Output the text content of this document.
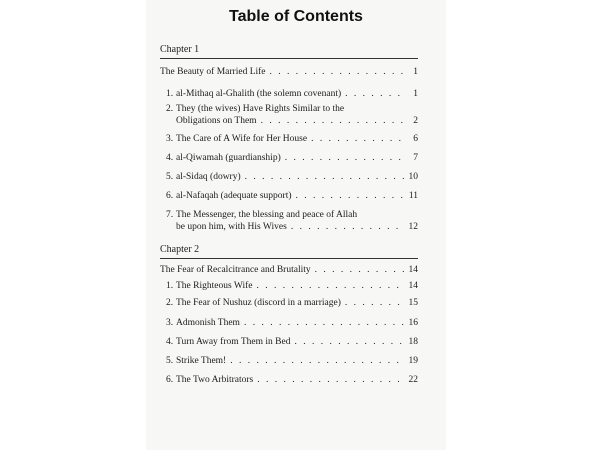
Table of Contents
Chapter 1
The Beauty of Married Life . . .	1
1. al-Mithaq al-Ghalith (the solemn covenant) . . .	1
2. They (the wives) Have Rights Similar to the
Obligations on Them . . .	2
3. The Care of A Wife for Her House . . .	6
4. al-Qiwamah (guardianship) . . .	7
5. al-Sidaq (dowry) . . .	10
6. al-Nafaqah (adequate support) . . .	11
7. The Messenger, the blessing and peace of Allah
be upon him, with His Wives . . .	12
Chapter 2
The Fear of Recalcitrance and Brutality . . .	14
1. The Righteous Wife . . .	14
2. The Fear of Nushuz (discord in a marriage) . . .	15
3. Admonish Them . . .	16
4. Turn Away from Them in Bed . . .	18
5. Strike Them! . . .	19
6. The Two Arbitrators . . .	22
